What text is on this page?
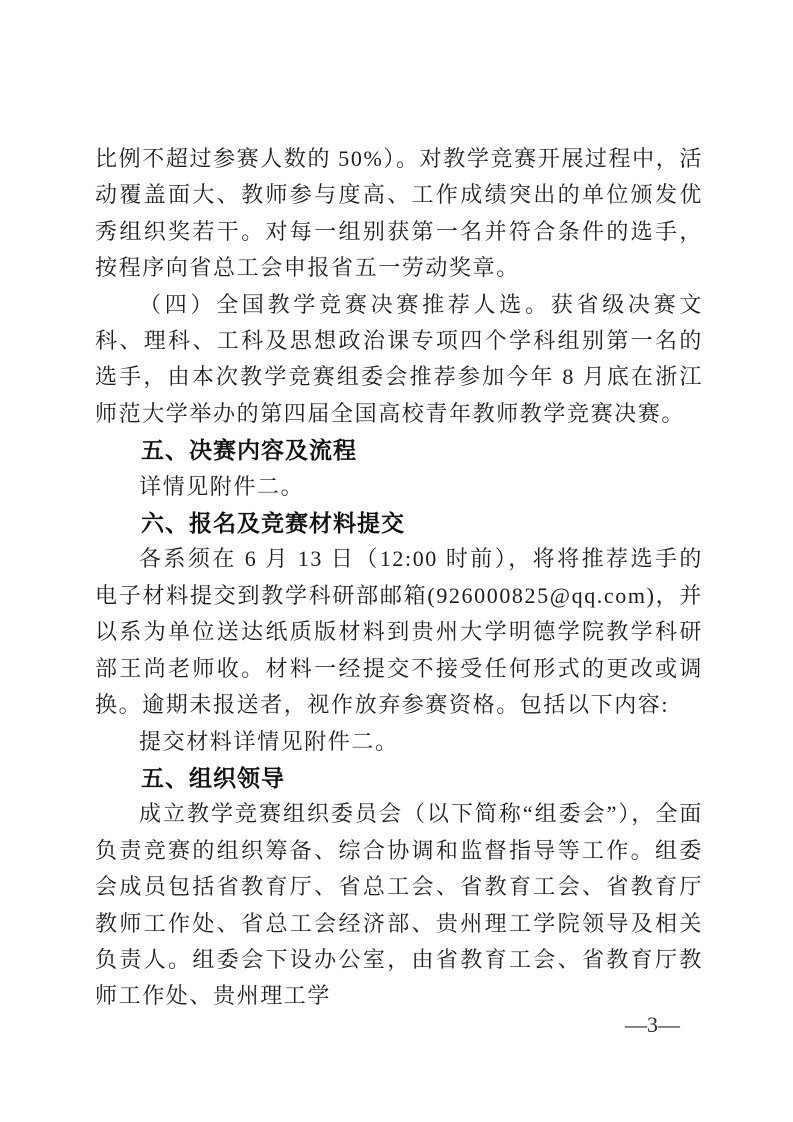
比例不超过参赛人数的 50%）。对教学竞赛开展过程中，活动覆盖面大、教师参与度高、工作成绩突出的单位颁发优秀组织奖若干。对每一组别获第一名并符合条件的选手，按程序向省总工会申报省五一劳动奖章。

（四）全国教学竞赛决赛推荐人选。获省级决赛文科、理科、工科及思想政治课专项四个学科组别第一名的选手，由本次教学竞赛组委会推荐参加今年 8 月底在浙江师范大学举办的第四届全国高校青年教师教学竞赛决赛。

五、决赛内容及流程

详情见附件二。

六、报名及竞赛材料提交

各系须在 6 月 13 日（12:00 时前），将将推荐选手的电子材料提交到教学科研部邮箱(926000825@qq.com)，并以系为单位送达纸质版材料到贵州大学明德学院教学科研部王尚老师收。材料一经提交不接受任何形式的更改或调换。逾期未报送者，视作放弃参赛资格。包括以下内容:

提交材料详情见附件二。

五、组织领导

成立教学竞赛组织委员会（以下简称“组委会”），全面负责竞赛的组织筹备、综合协调和监督指导等工作。组委会成员包括省教育厅、省总工会、省教育工会、省教育厅教师工作处、省总工会经济部、贵州理工学院领导及相关负责人。组委会下设办公室，由省教育工会、省教育厅教师工作处、贵州理工学

—3—
